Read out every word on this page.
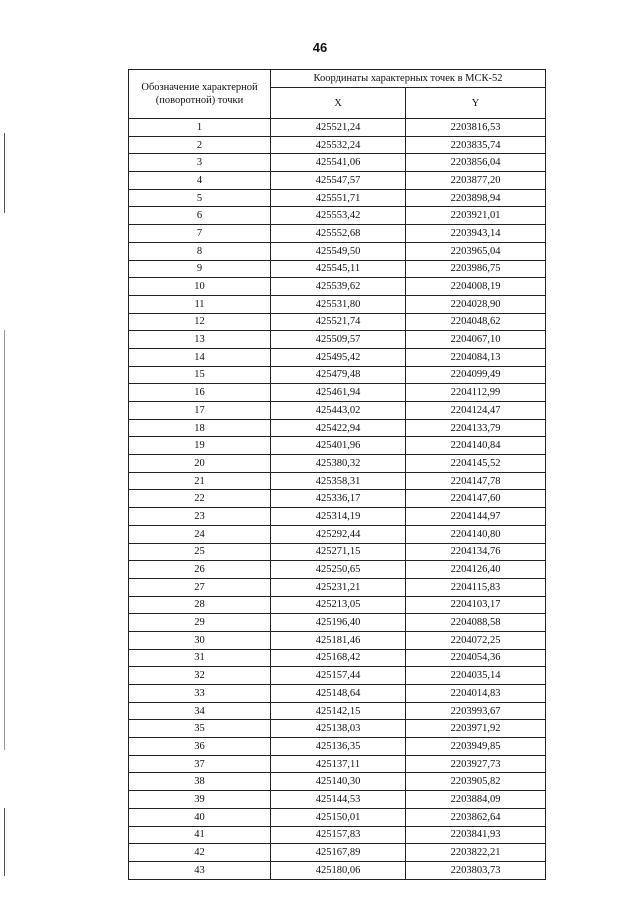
46
Обозначение характерной (поворотной) точки	Координаты характерных точек в МСК-52	
	X	Y
1	425521,24	2203816,53
2	425532,24	2203835,74
3	425541,06	2203856,04
4	425547,57	2203877,20
5	425551,71	2203898,94
6	425553,42	2203921,01
7	425552,68	2203943,14
8	425549,50	2203965,04
9	425545,11	2203986,75
10	425539,62	2204008,19
11	425531,80	2204028,90
12	425521,74	2204048,62
13	425509,57	2204067,10
14	425495,42	2204084,13
15	425479,48	2204099,49
16	425461,94	2204112,99
17	425443,02	2204124,47
18	425422,94	2204133,79
19	425401,96	2204140,84
20	425380,32	2204145,52
21	425358,31	2204147,78
22	425336,17	2204147,60
23	425314,19	2204144,97
24	425292,44	2204140,80
25	425271,15	2204134,76
26	425250,65	2204126,40
27	425231,21	2204115,83
28	425213,05	2204103,17
29	425196,40	2204088,58
30	425181,46	2204072,25
31	425168,42	2204054,36
32	425157,44	2204035,14
33	425148,64	2204014,83
34	425142,15	2203993,67
35	425138,03	2203971,92
36	425136,35	2203949,85
37	425137,11	2203927,73
38	425140,30	2203905,82
39	425144,53	2203884,09
40	425150,01	2203862,64
41	425157,83	2203841,93
42	425167,89	2203822,21
43	425180,06	2203803,73
